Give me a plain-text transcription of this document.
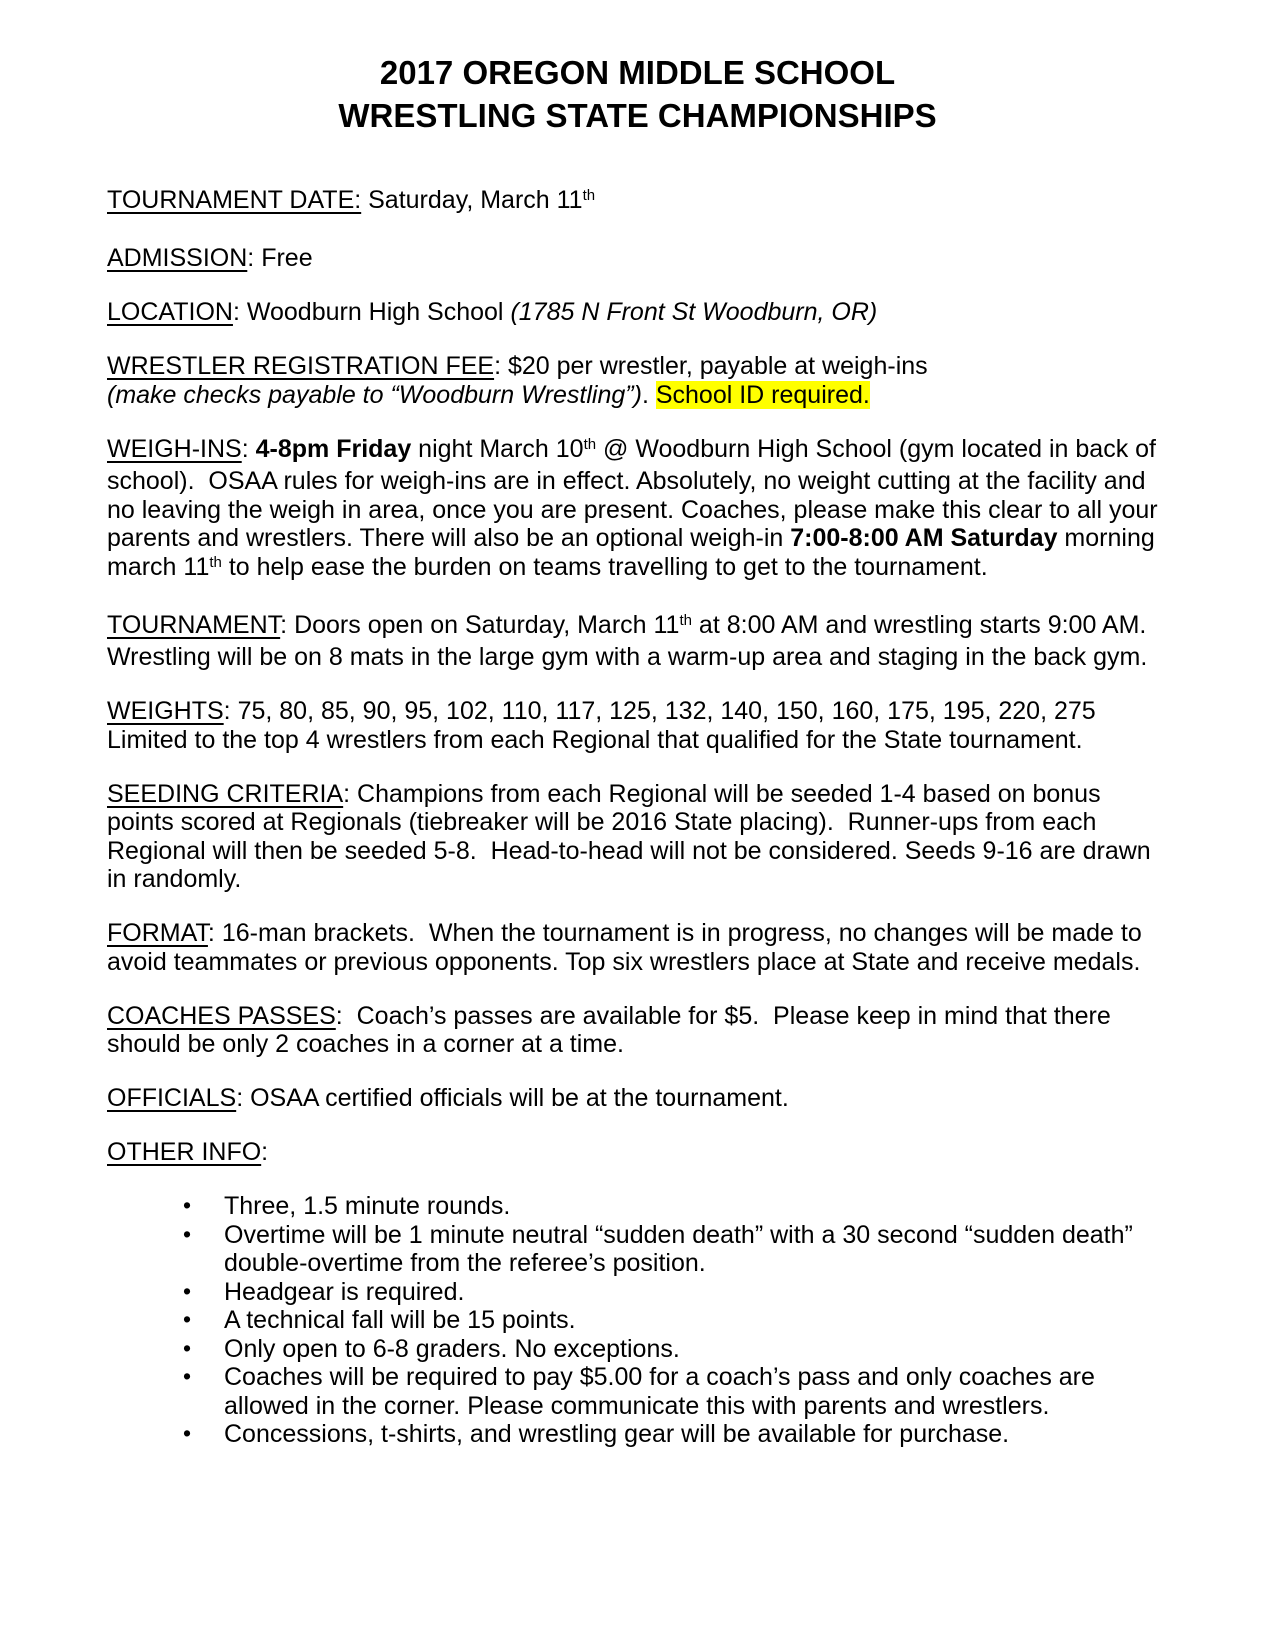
2017 OREGON MIDDLE SCHOOL
WRESTLING STATE CHAMPIONSHIPS
TOURNAMENT DATE: Saturday, March 11th
ADMISSION: Free
LOCATION: Woodburn High School (1785 N Front St Woodburn, OR)
WRESTLER REGISTRATION FEE: $20 per wrestler, payable at weigh-ins
(make checks payable to “Woodburn Wrestling”). School ID required.
WEIGH-INS: 4-8pm Friday night March 10th @ Woodburn High School (gym located in back of school).  OSAA rules for weigh-ins are in effect. Absolutely, no weight cutting at the facility and no leaving the weigh in area, once you are present. Coaches, please make this clear to all your parents and wrestlers. There will also be an optional weigh-in 7:00-8:00 AM Saturday morning march 11th to help ease the burden on teams travelling to get to the tournament.
TOURNAMENT: Doors open on Saturday, March 11th at 8:00 AM and wrestling starts 9:00 AM. Wrestling will be on 8 mats in the large gym with a warm-up area and staging in the back gym.
WEIGHTS: 75, 80, 85, 90, 95, 102, 110, 117, 125, 132, 140, 150, 160, 175, 195, 220, 275
Limited to the top 4 wrestlers from each Regional that qualified for the State tournament.
SEEDING CRITERIA: Champions from each Regional will be seeded 1-4 based on bonus points scored at Regionals (tiebreaker will be 2016 State placing).  Runner-ups from each Regional will then be seeded 5-8.  Head-to-head will not be considered. Seeds 9-16 are drawn in randomly.
FORMAT: 16-man brackets.  When the tournament is in progress, no changes will be made to avoid teammates or previous opponents. Top six wrestlers place at State and receive medals.
COACHES PASSES:  Coach’s passes are available for $5.  Please keep in mind that there should be only 2 coaches in a corner at a time.
OFFICIALS: OSAA certified officials will be at the tournament.
OTHER INFO:
• Three, 1.5 minute rounds.
• Overtime will be 1 minute neutral “sudden death” with a 30 second “sudden death” double-overtime from the referee’s position.
• Headgear is required.
• A technical fall will be 15 points.
• Only open to 6-8 graders. No exceptions.
• Coaches will be required to pay $5.00 for a coach’s pass and only coaches are allowed in the corner. Please communicate this with parents and wrestlers.
• Concessions, t-shirts, and wrestling gear will be available for purchase.
